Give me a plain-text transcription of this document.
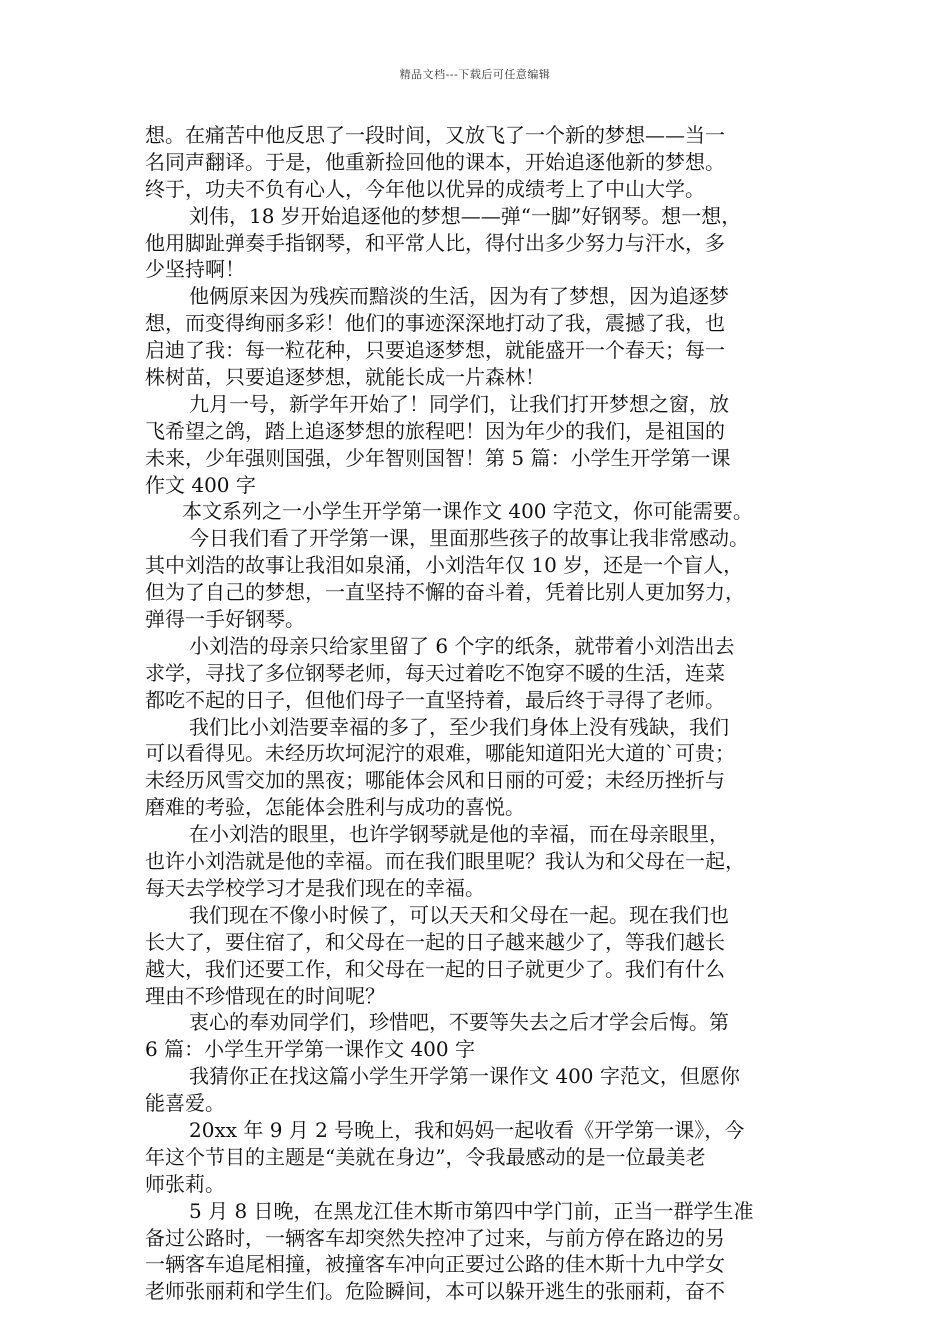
精品文档---下载后可任意编辑
想。在痛苦中他反思了一段时间，又放飞了一个新的梦想——当一
名同声翻译。于是，他重新捡回他的课本，开始追逐他新的梦想。
终于，功夫不负有心人，今年他以优异的成绩考上了中山大学。
刘伟，18 岁开始追逐他的梦想——弹“一脚”好钢琴。想一想，
他用脚趾弹奏手指钢琴，和平常人比，得付出多少努力与汗水，多
少坚持啊！
他俩原来因为残疾而黯淡的生活，因为有了梦想，因为追逐梦
想，而变得绚丽多彩！他们的事迹深深地打动了我，震撼了我，也
启迪了我：每一粒花种，只要追逐梦想，就能盛开一个春天；每一
株树苗，只要追逐梦想，就能长成一片森林！
九月一号，新学年开始了！同学们，让我们打开梦想之窗，放
飞希望之鸽，踏上追逐梦想的旅程吧！因为年少的我们，是祖国的
未来，少年强则国强，少年智则国智！第 5 篇：小学生开学第一课
作文 400 字
本文系列之一小学生开学第一课作文 400 字范文，你可能需要。
今日我们看了开学第一课，里面那些孩子的故事让我非常感动。
其中刘浩的故事让我泪如泉涌，小刘浩年仅 10 岁，还是一个盲人，
但为了自己的梦想，一直坚持不懈的奋斗着，凭着比别人更加努力，
弹得一手好钢琴。
小刘浩的母亲只给家里留了 6 个字的纸条，就带着小刘浩出去
求学，寻找了多位钢琴老师，每天过着吃不饱穿不暖的生活，连菜
都吃不起的日子，但他们母子一直坚持着，最后终于寻得了老师。
我们比小刘浩要幸福的多了，至少我们身体上没有残缺，我们
可以看得见。未经历坎坷泥泞的艰难，哪能知道阳光大道的`可贵；
未经历风雪交加的黑夜；哪能体会风和日丽的可爱；未经历挫折与
磨难的考验，怎能体会胜利与成功的喜悦。
在小刘浩的眼里，也许学钢琴就是他的幸福，而在母亲眼里，
也许小刘浩就是他的幸福。而在我们眼里呢？我认为和父母在一起，
每天去学校学习才是我们现在的幸福。
我们现在不像小时候了，可以天天和父母在一起。现在我们也
长大了，要住宿了，和父母在一起的日子越来越少了，等我们越长
越大，我们还要工作，和父母在一起的日子就更少了。我们有什么
理由不珍惜现在的时间呢？
衷心的奉劝同学们，珍惜吧，不要等失去之后才学会后悔。第
6 篇：小学生开学第一课作文 400 字
我猜你正在找这篇小学生开学第一课作文 400 字范文，但愿你
能喜爱。
20xx 年 9 月 2 号晚上，我和妈妈一起收看《开学第一课》，今
年这个节目的主题是“美就在身边”，令我最感动的是一位最美老
师张莉。
5 月 8 日晚，在黑龙江佳木斯市第四中学门前，正当一群学生准
备过公路时，一辆客车却突然失控冲了过来，与前方停在路边的另
一辆客车追尾相撞，被撞客车冲向正要过公路的佳木斯十九中学女
老师张丽莉和学生们。危险瞬间，本可以躲开逃生的张丽莉，奋不
